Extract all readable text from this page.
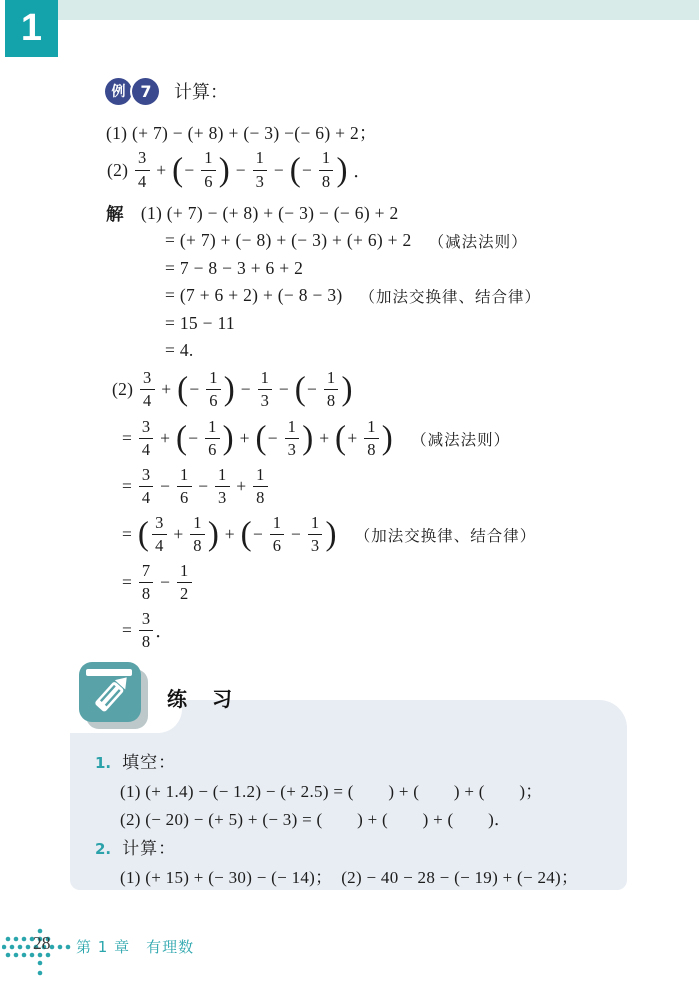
1
例 7 计算：
(1) (+ 7) − (+ 8) + (− 3) −(− 6) + 2；
$(2) \frac{3}{4}$ + ( − $\frac{1}{6}$ ) − $\frac{1}{3}$ − ( − $\frac{1}{8}$ ) ．
解 (1) (+ 7) − (+ 8) + (− 3) − (− 6) + 2
= (+ 7) + (− 8) + (− 3) + (+ 6) + 2 （减法法则）
= 7 − 8 − 3 + 6 + 2
= (7 + 6 + 2) + (− 8 − 3) （加法交换律、结合律）
= 15 − 11
= 4.
$(2) \frac{3}{4}$ + ( − $\frac{1}{6}$ ) − $\frac{1}{3}$ − ( − $\frac{1}{8}$ )
= $\frac{3}{4}$ + ( − $\frac{1}{6}$ ) + ( − $\frac{1}{3}$ ) + ( + $\frac{1}{8}$ ) （减法法则）
= $\frac{3}{4} - \frac{1}{6} - \frac{1}{3} + \frac{1}{8}$
= ( $\frac{3}{4} + \frac{1}{8}$ ) + ( − $\frac{1}{6} - \frac{1}{3}$ ) （加法交换律、结合律）
= $\frac{7}{8} - \frac{1}{2}$
= $\frac{3}{8}$ ．
练 习
1. 填空：
(1) (+ 1.4) − (− 1.2) − (+ 2.5) = (　　) + (　　) + (　　)；
(2) (− 20) − (+ 5) + (− 3) = (　　) + (　　) + (　　)．
2. 计算：
(1) (+ 15) + (− 30) − (− 14)；　(2) − 40 − 28 − (− 19) + (− 24)；
28 第 1 章　有理数
